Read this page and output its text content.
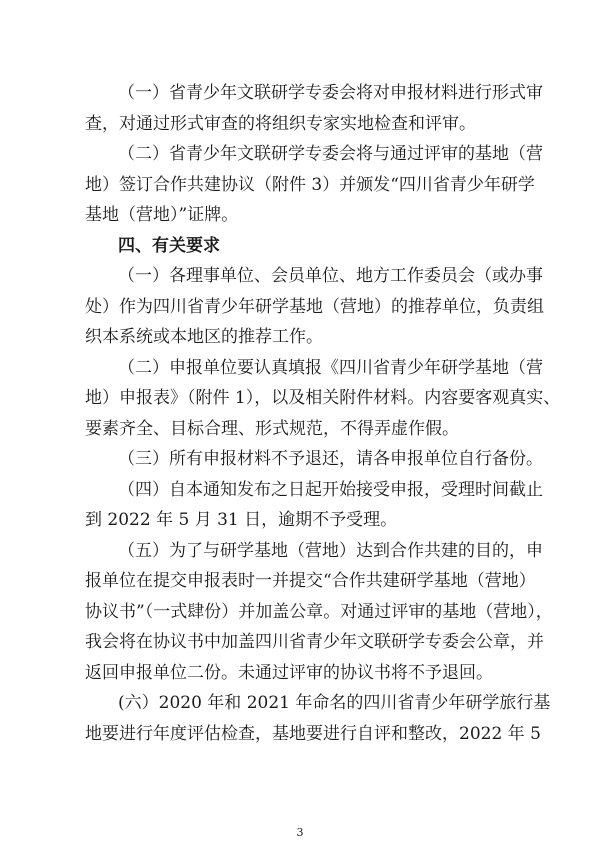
（一）省青少年文联研学专委会将对申报材料进行形式审
查，对通过形式审查的将组织专家实地检查和评审。
（二）省青少年文联研学专委会将与通过评审的基地（营
地）签订合作共建协议（附件 3）并颁发“四川省青少年研学
基地（营地）”证牌。
四、有关要求
（一）各理事单位、会员单位、地方工作委员会（或办事
处）作为四川省青少年研学基地（营地）的推荐单位，负责组
织本系统或本地区的推荐工作。
（二）申报单位要认真填报《四川省青少年研学基地（营
地）申报表》（附件 1），以及相关附件材料。内容要客观真实、
要素齐全、目标合理、形式规范，不得弄虚作假。
（三）所有申报材料不予退还，请各申报单位自行备份。
（四）自本通知发布之日起开始接受申报，受理时间截止
到 2022 年 5 月 31 日，逾期不予受理。
（五）为了与研学基地（营地）达到合作共建的目的，申
报单位在提交申报表时一并提交“合作共建研学基地（营地）
协议书”（一式肆份）并加盖公章。对通过评审的基地（营地），
我会将在协议书中加盖四川省青少年文联研学专委会公章，并
返回申报单位二份。未通过评审的协议书将不予退回。
(六）2020 年和 2021 年命名的四川省青少年研学旅行基
地要进行年度评估检查，基地要进行自评和整改，2022 年 5
3
